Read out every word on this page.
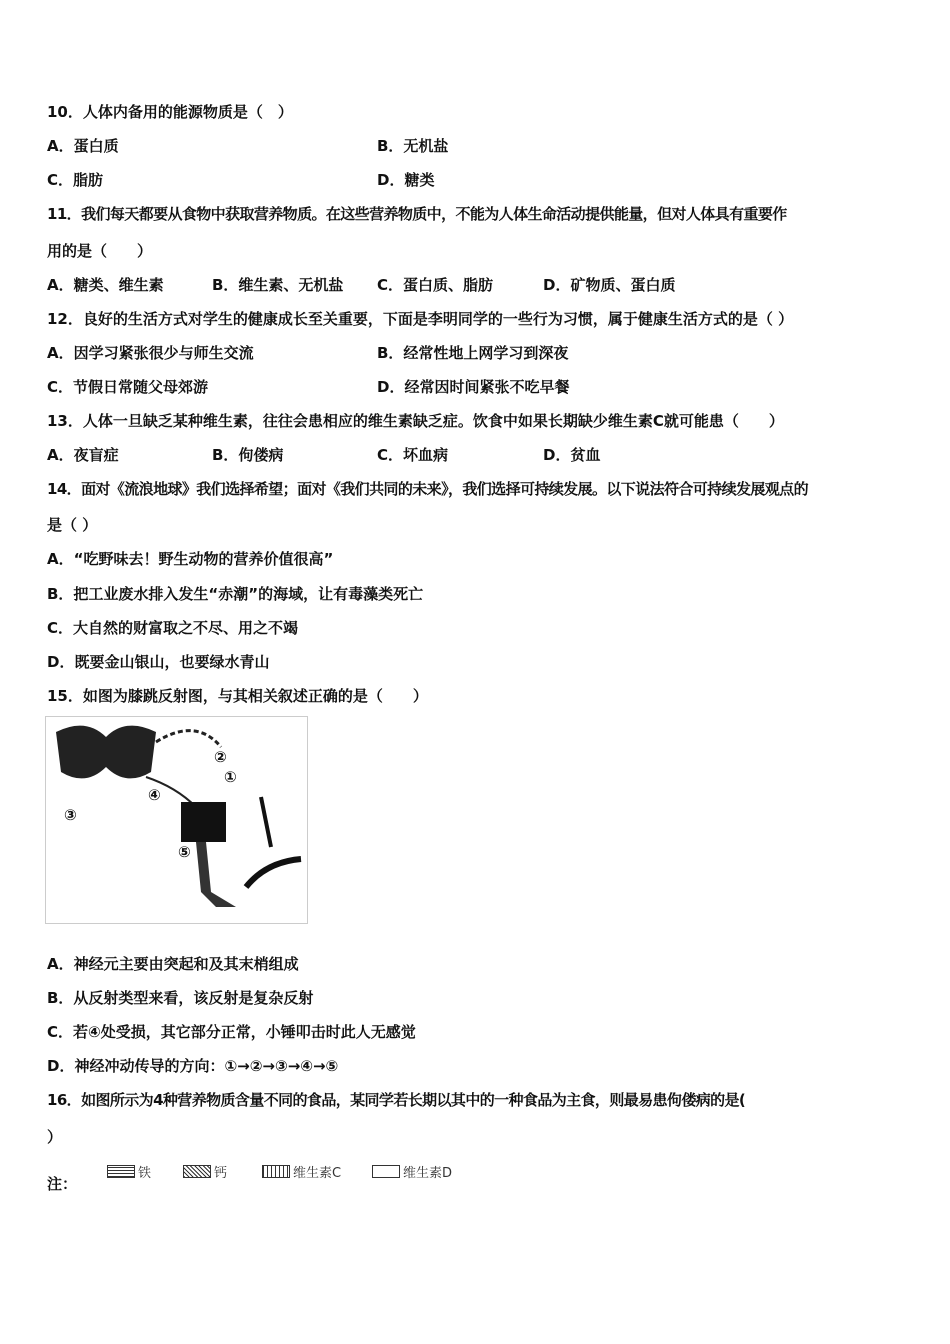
10．人体内备用的能源物质是（　）
A．蛋白质	B．无机盐
C．脂肪	D．糖类
11．我们每天都要从食物中获取营养物质。在这些营养物质中，不能为人体生命活动提供能量，但对人体具有重要作
用的是（　　）
A．糖类、维生素	B．维生素、无机盐 C．蛋白质、脂肪	D．矿物质、蛋白质
12．良好的生活方式对学生的健康成长至关重要，下面是李明同学的一些行为习惯，属于健康生活方式的是（ ）
A．因学习紧张很少与师生交流	B．经常性地上网学习到深夜
C．节假日常随父母郊游	D．经常因时间紧张不吃早餐
13．人体一旦缺乏某种维生素，往往会患相应的维生素缺乏症。饮食中如果长期缺少维生素C就可能患（　　）
A．夜盲症	B．佝偻病	C．坏血病	D．贫血
14．面对《流浪地球》我们选择希望；面对《我们共同的未来》，我们选择可持续发展。以下说法符合可持续发展观点的
是（ ）
A．“吃野味去！野生动物的营养价值很高”
B．把工业废水排入发生“赤潮”的海域，让有毒藻类死亡
C．大自然的财富取之不尽、用之不竭
D．既要金山银山，也要绿水青山
15．如图为膝跳反射图，与其相关叙述正确的是（　　）
②
①
③
④
⑤
A．神经元主要由突起和及其末梢组成
B．从反射类型来看，该反射是复杂反射
C．若④处受损，其它部分正常，小锤叩击时此人无感觉
D．神经冲动传导的方向：①→②→③→④→⑤
16．如图所示为4种营养物质含量不同的食品，某同学若长期以其中的一种食品为主食，则最易患佝偻病的是(
）
注：
铁	钙	维生素C	维生素D
